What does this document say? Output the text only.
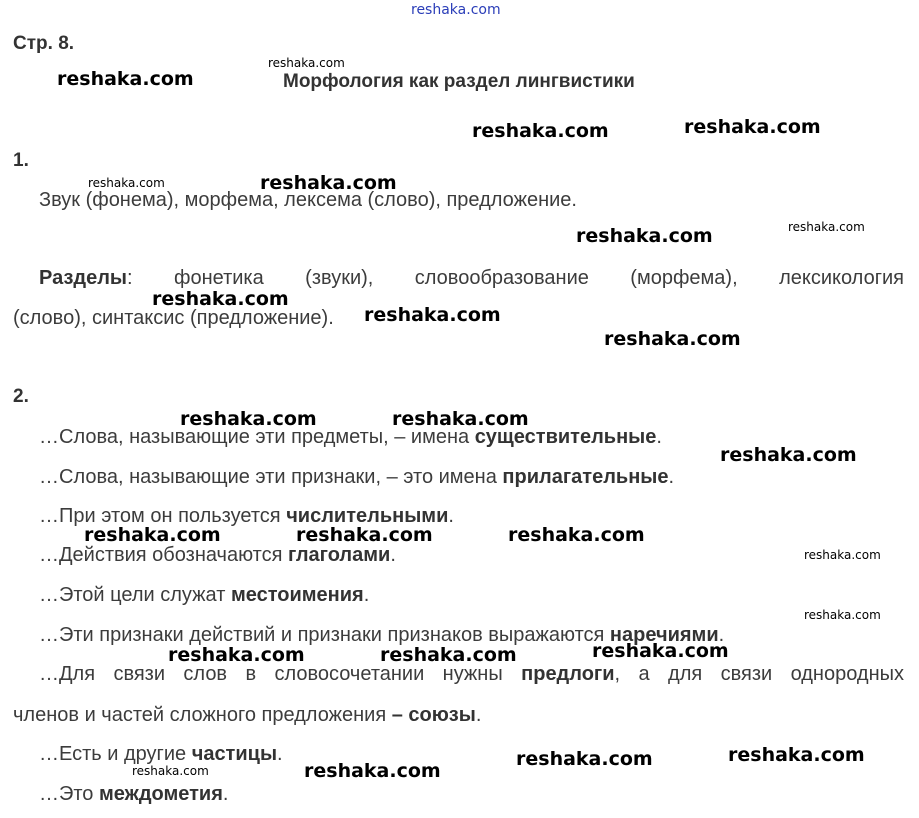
reshaka.com
Стр. 8.
Морфология как раздел лингвистики
1.
Звук (фонема), морфема, лексема (слово), предложение.
Разделы: фонетика (звуки), словообразование (морфема), лексикология
(слово), синтаксис (предложение).
2.
…Слова, называющие эти предметы, – имена существительные.
…Слова, называющие эти признаки, – это имена прилагательные.
…При этом он пользуется числительными.
…Действия обозначаются глаголами.
…Этой цели служат местоимения.
…Эти признаки действий и признаки признаков выражаются наречиями.
…Для связи слов в словосочетании нужны предлоги, а для связи однородных
членов и частей сложного предложения – союзы.
…Есть и другие частицы.
…Это междометия.
reshaka.com
reshaka.com
reshaka.com	reshaka.com
reshaka.com	reshaka.com
reshaka.com	reshaka.com
reshaka.com
reshaka.com
reshaka.com
reshaka.com	reshaka.com
reshaka.com
reshaka.com	reshaka.com	reshaka.com
reshaka.com
reshaka.com
reshaka.com	reshaka.com	reshaka.com
reshaka.com	reshaka.com
reshaka.com	reshaka.com
